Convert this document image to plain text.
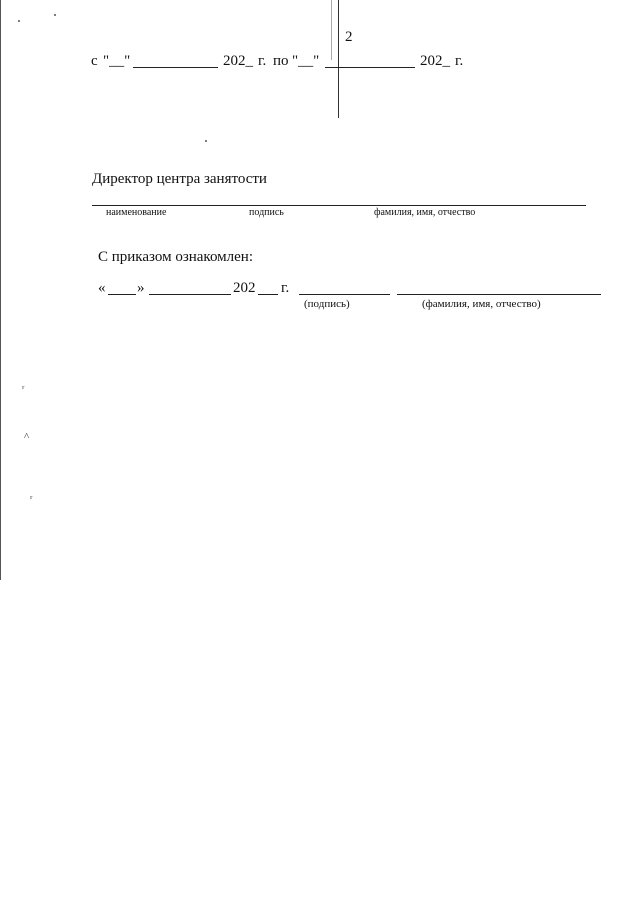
ᵣ
^
ᵣ
2
с "__"	202_ г. по "__"	202_ г.
Директор центра занятости
наименование	подпись	фамилия, имя, отчество
С приказом ознакомлен:
« »	202 г.
(подпись)	(фамилия, имя, отчество)
